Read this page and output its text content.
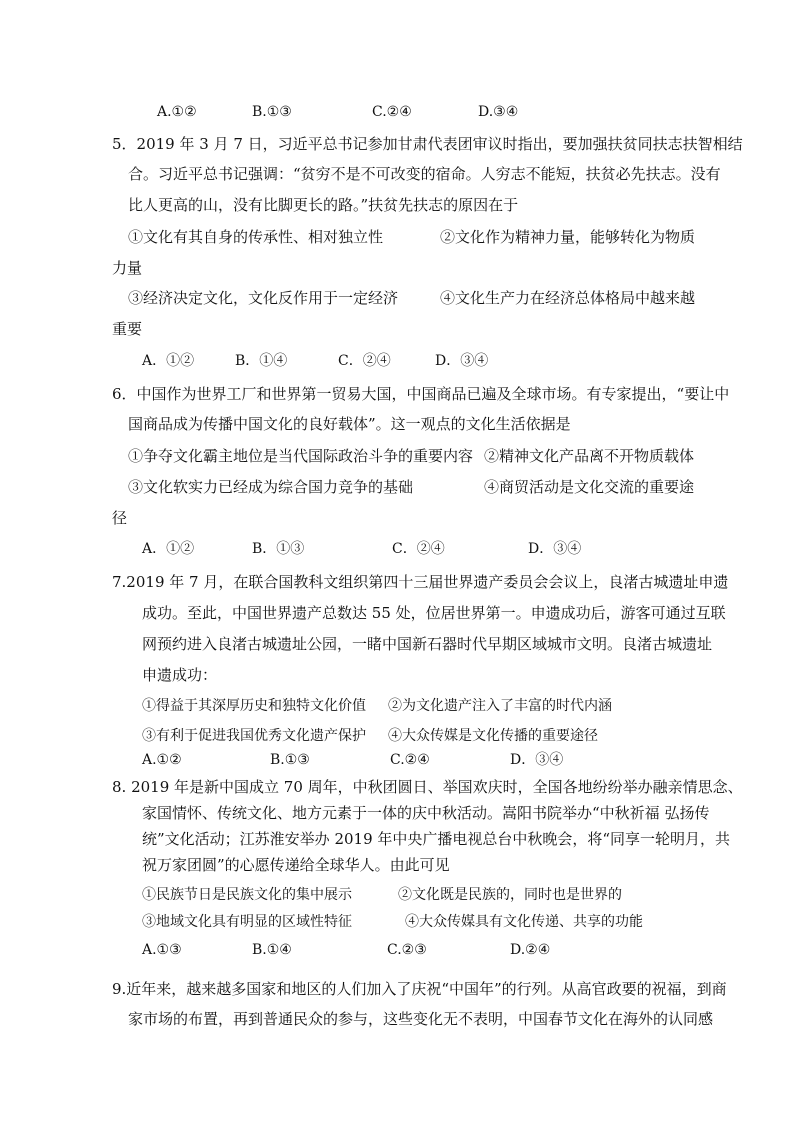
A.①②	B.①③	C.②④	D.③④
5．2019 年 3 月 7 日，习近平总书记参加甘肃代表团审议时指出，要加强扶贫同扶志扶智相结
合。习近平总书记强调：“贫穷不是不可改变的宿命。人穷志不能短，扶贫必先扶志。没有
比人更高的山，没有比脚更长的路。”扶贫先扶志的原因在于
①文化有其自身的传承性、相对独立性	②文化作为精神力量，能够转化为物质
力量
③经济决定文化，文化反作用于一定经济	④文化生产力在经济总体格局中越来越
重要
A．①②	B．①④	C．②④	D．③④
6．中国作为世界工厂和世界第一贸易大国，中国商品已遍及全球市场。有专家提出，“要让中
国商品成为传播中国文化的良好载体”。这一观点的文化生活依据是
①争夺文化霸主地位是当代国际政治斗争的重要内容 ②精神文化产品离不开物质载体
③文化软实力已经成为综合国力竞争的基础	④商贸活动是文化交流的重要途
径
A．①②	B．①③	C．②④	D．③④
7.2019 年 7 月，在联合国教科文组织第四十三届世界遗产委员会会议上，良渚古城遗址申遗
成功。至此，中国世界遗产总数达 55 处，位居世界第一。申遗成功后，游客可通过互联
网预约进入良渚古城遗址公园，一睹中国新石器时代早期区域城市文明。良渚古城遗址
申遗成功：
①得益于其深厚历史和独特文化价值 ②为文化遗产注入了丰富的时代内涵
③有利于促进我国优秀文化遗产保护 ④大众传媒是文化传播的重要途径
A.①②	B.①③	C.②④	D．③④
8. 2019 年是新中国成立 70 周年，中秋团圆日、举国欢庆时，全国各地纷纷举办融亲情思念、
家国情怀、传统文化、地方元素于一体的庆中秋活动。嵩阳书院举办“中秋祈福 弘扬传
统”文化活动；江苏淮安举办 2019 年中央广播电视总台中秋晚会，将“同享一轮明月，共
祝万家团圆”的心愿传递给全球华人。由此可见
①民族节日是民族文化的集中展示	②文化既是民族的，同时也是世界的
③地域文化具有明显的区域性特征	④大众传媒具有文化传递、共享的功能
A.①③	B.①④	C.②③	D.②④
9.近年来，越来越多国家和地区的人们加入了庆祝“中国年”的行列。从高官政要的祝福，到商
家市场的布置，再到普通民众的参与，这些变化无不表明，中国春节文化在海外的认同感
